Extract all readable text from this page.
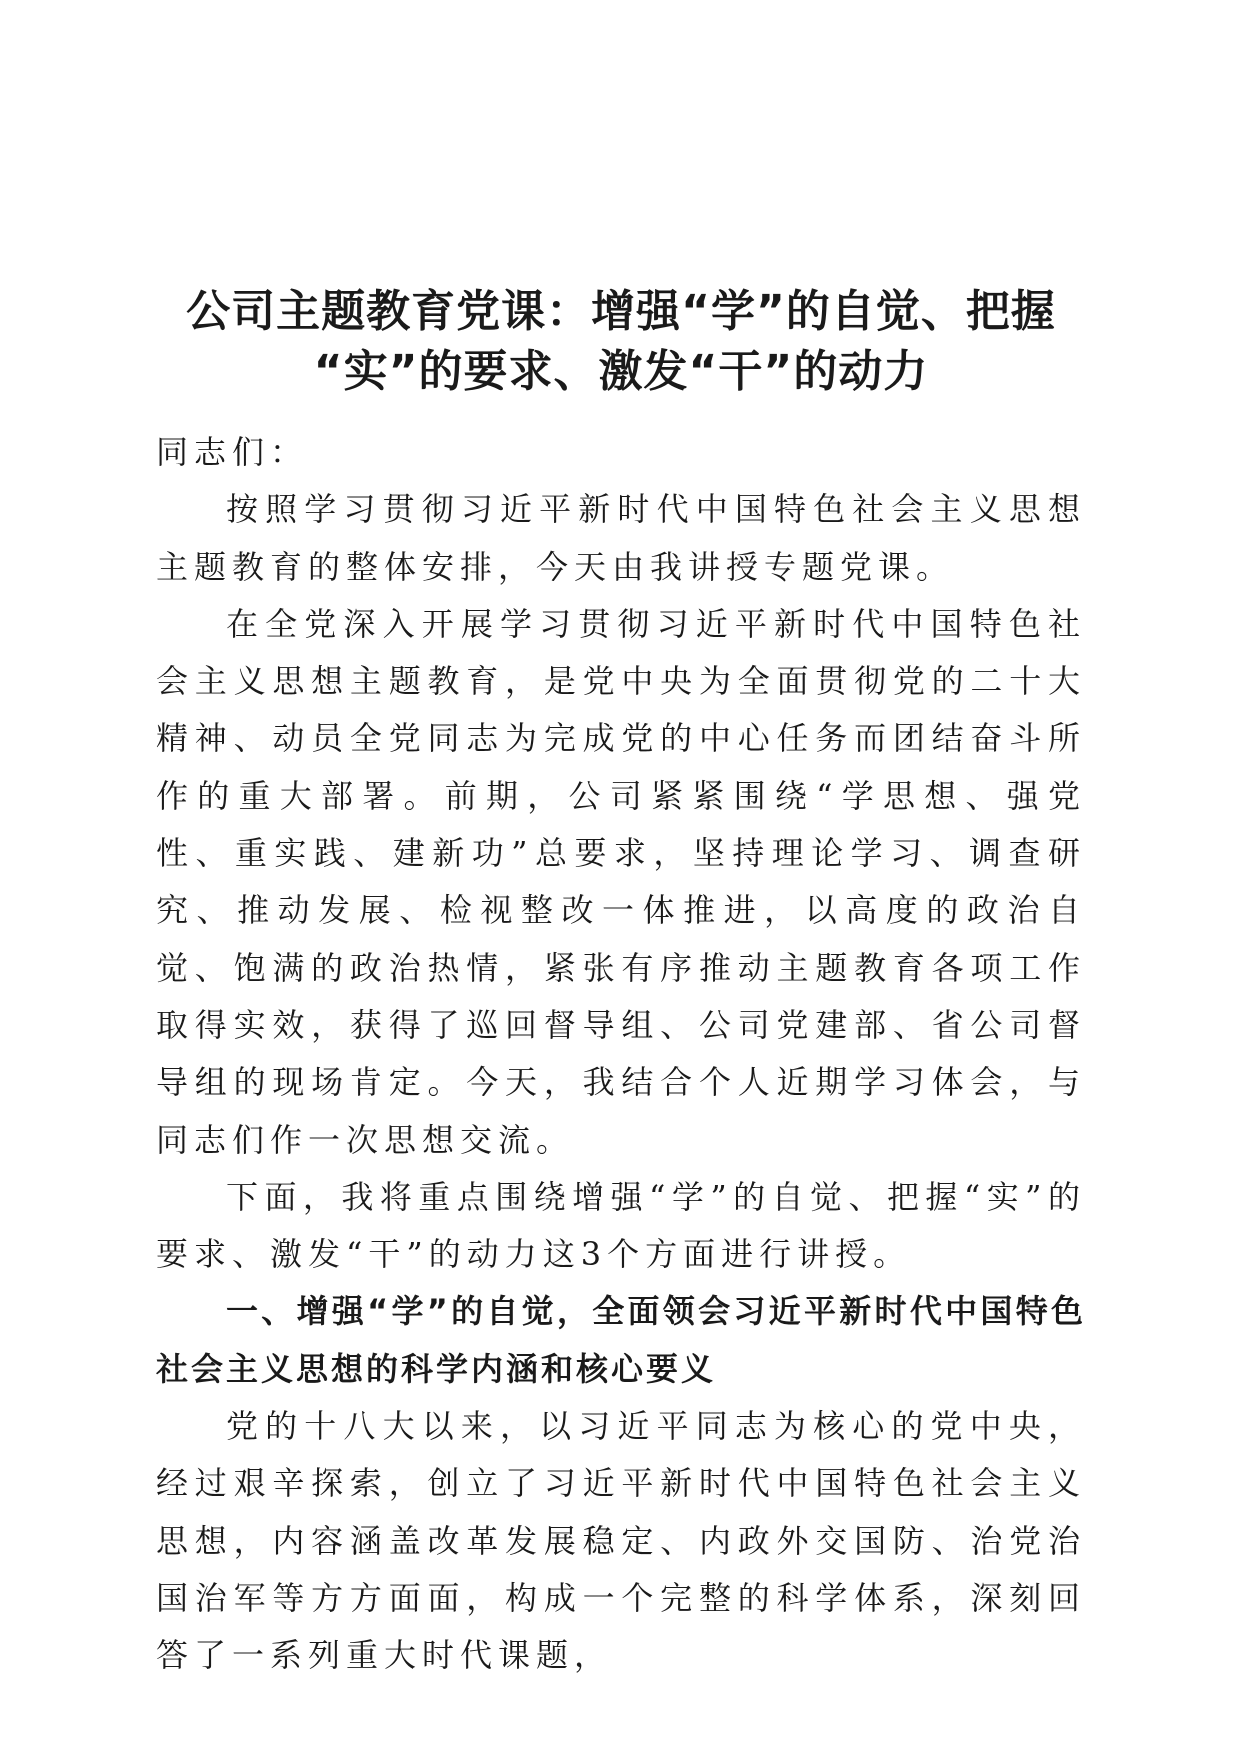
公司主题教育党课：增强“学”的自觉、把握
“实”的要求、激发“干”的动力

同志们：

按照学习贯彻习近平新时代中国特色社会主义思想主题教育的整体安排，今天由我讲授专题党课。

在全党深入开展学习贯彻习近平新时代中国特色社会主义思想主题教育，是党中央为全面贯彻党的二十大精神、动员全党同志为完成党的中心任务而团结奋斗所作的重大部署。前期，公司紧紧围绕“学思想、强党性、重实践、建新功”总要求，坚持理论学习、调查研究、推动发展、检视整改一体推进，以高度的政治自觉、饱满的政治热情，紧张有序推动主题教育各项工作取得实效，获得了巡回督导组、公司党建部、省公司督导组的现场肯定。今天，我结合个人近期学习体会，与同志们作一次思想交流。

下面，我将重点围绕增强“学”的自觉、把握“实”的要求、激发“干”的动力这3个方面进行讲授。

一、增强“学”的自觉，全面领会习近平新时代中国特色社会主义思想的科学内涵和核心要义

党的十八大以来，以习近平同志为核心的党中央，经过艰辛探索，创立了习近平新时代中国特色社会主义思想，内容涵盖改革发展稳定、内政外交国防、治党治国治军等方方面面，构成一个完整的科学体系，深刻回答了一系列重大时代课题，
